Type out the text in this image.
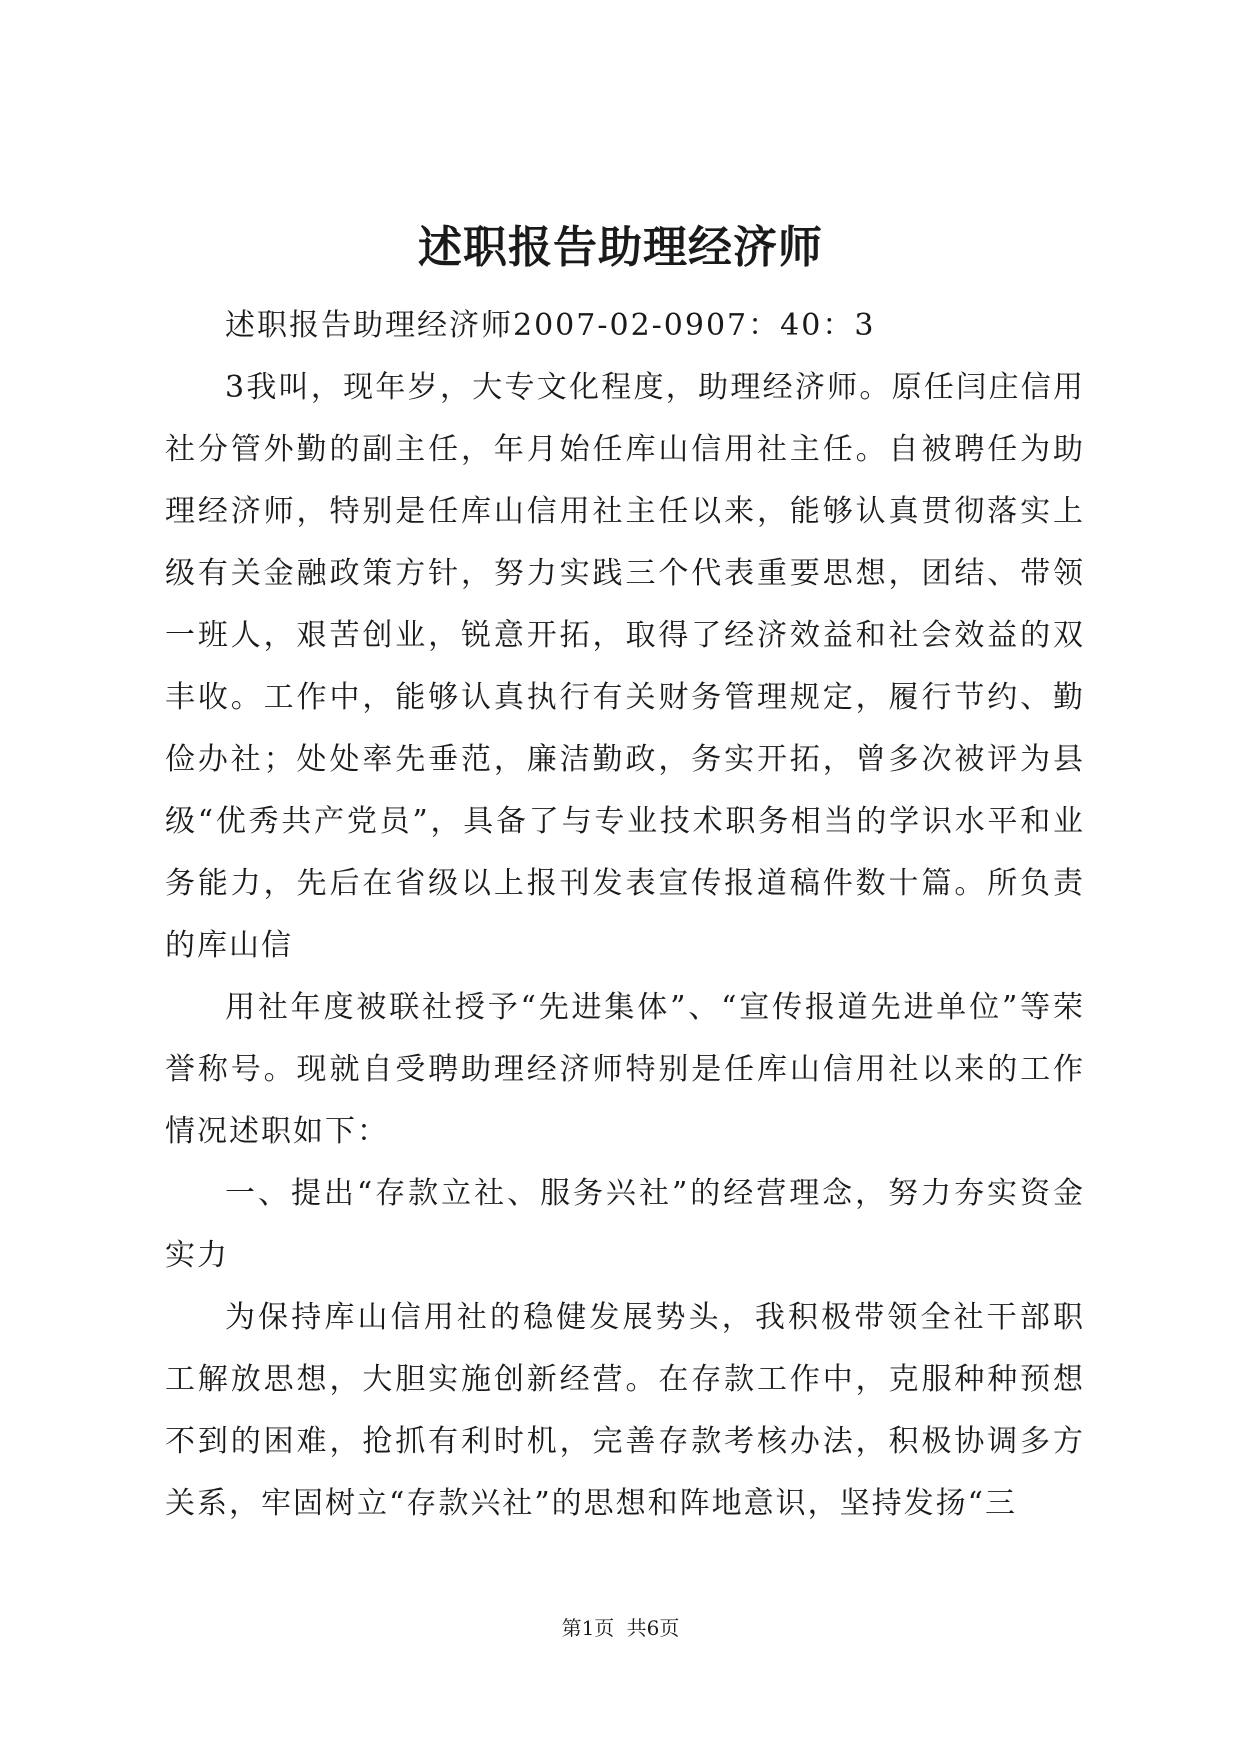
述职报告助理经济师

述职报告助理经济师2007-02-0907：40：3

3我叫，现年岁，大专文化程度，助理经济师。原任闫庄信用社分管外勤的副主任，年月始任库山信用社主任。自被聘任为助理经济师，特别是任库山信用社主任以来，能够认真贯彻落实上级有关金融政策方针，努力实践三个代表重要思想，团结、带领一班人，艰苦创业，锐意开拓，取得了经济效益和社会效益的双丰收。工作中，能够认真执行有关财务管理规定，履行节约、勤俭办社；处处率先垂范，廉洁勤政，务实开拓，曾多次被评为县级“优秀共产党员”，具备了与专业技术职务相当的学识水平和业务能力，先后在省级以上报刊发表宣传报道稿件数十篇。所负责的库山信

用社年度被联社授予“先进集体”、“宣传报道先进单位”等荣誉称号。现就自受聘助理经济师特别是任库山信用社以来的工作情况述职如下：

一、提出“存款立社、服务兴社”的经营理念，努力夯实资金实力

为保持库山信用社的稳健发展势头，我积极带领全社干部职工解放思想，大胆实施创新经营。在存款工作中，克服种种预想不到的困难，抢抓有利时机，完善存款考核办法，积极协调多方关系，牢固树立“存款兴社”的思想和阵地意识，坚持发扬“三

第1页 共6页
